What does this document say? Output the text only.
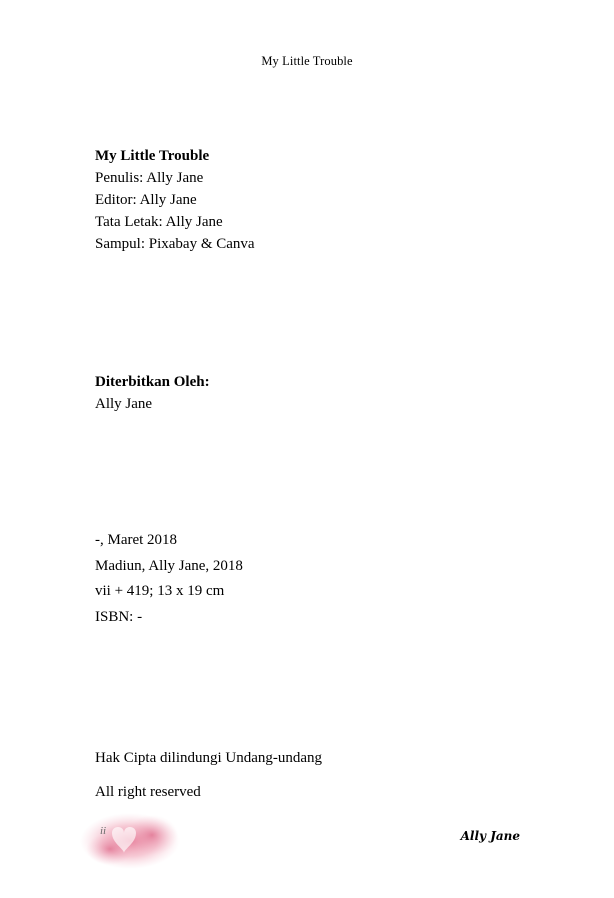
My Little Trouble
My Little Trouble
Penulis: Ally Jane
Editor: Ally Jane
Tata Letak: Ally Jane
Sampul: Pixabay & Canva
Diterbitkan Oleh:
Ally Jane
-, Maret 2018
Madiun, Ally Jane, 2018
vii + 419; 13 x 19 cm
ISBN: -
Hak Cipta dilindungi Undang-undang
All right reserved
ii	Ally Jane
